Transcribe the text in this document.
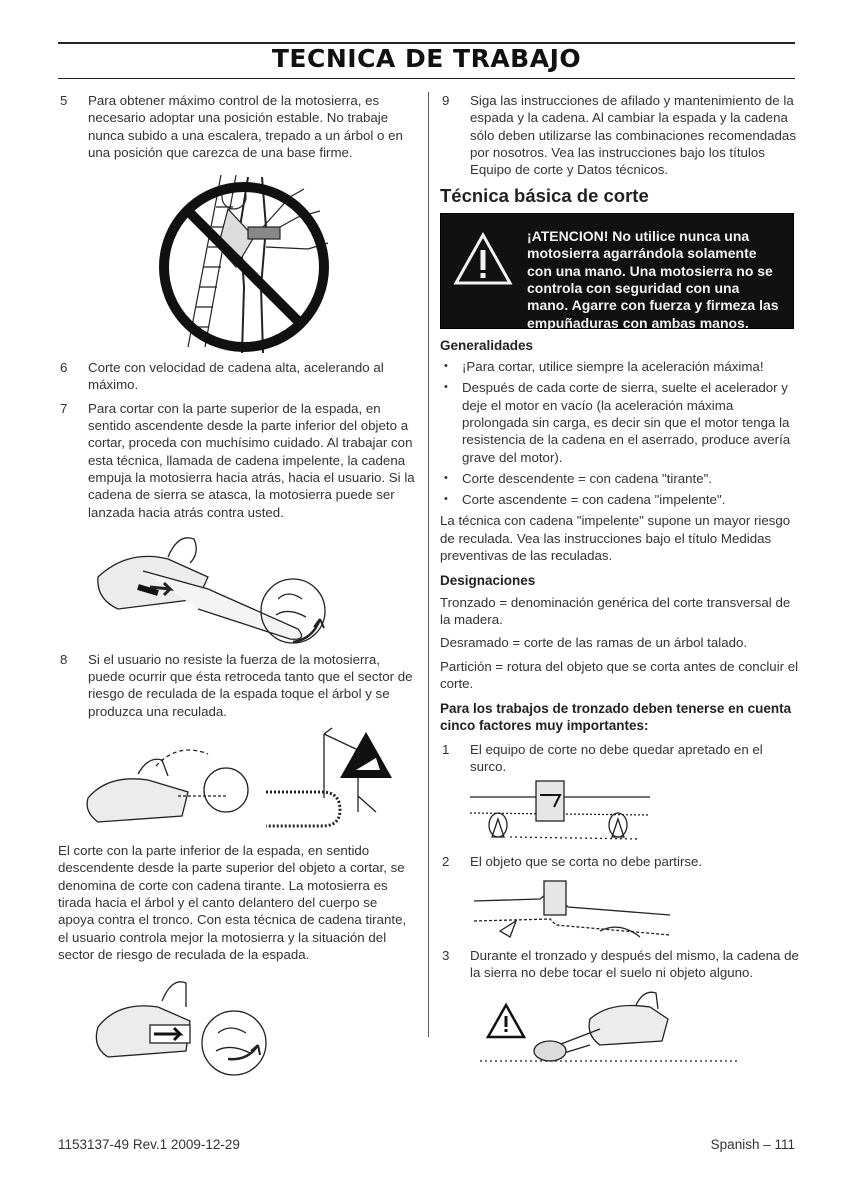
TECNICA DE TRABAJO
5 Para obtener máximo control de la motosierra, es necesario adoptar una posición estable. No trabaje nunca subido a una escalera, trepado a un árbol o en una posición que carezca de una base firme.

6 Corte con velocidad de cadena alta, acelerando al máximo.

7 Para cortar con la parte superior de la espada, en sentido ascendente desde la parte inferior del objeto a cortar, proceda con muchísimo cuidado. Al trabajar con esta técnica, llamada de cadena impelente, la cadena empuja la motosierra hacia atrás, hacia el usuario. Si la cadena de sierra se atasca, la motosierra puede ser lanzada hacia atrás contra usted.

8 Si el usuario no resiste la fuerza de la motosierra, puede ocurrir que ésta retroceda tanto que el sector de riesgo de reculada de la espada toque el árbol y se produzca una reculada.

El corte con la parte inferior de la espada, en sentido descendente desde la parte superior del objeto a cortar, se denomina de corte con cadena tirante. La motosierra es tirada hacia el árbol y el canto delantero del cuerpo se apoya contra el tronco. Con esta técnica de cadena tirante, el usuario controla mejor la motosierra y la situación del sector de riesgo de reculada de la espada.

9 Siga las instrucciones de afilado y mantenimiento de la espada y la cadena. Al cambiar la espada y la cadena sólo deben utilizarse las combinaciones recomendadas por nosotros. Vea las instrucciones bajo los títulos Equipo de corte y Datos técnicos.

Técnica básica de corte
¡ATENCION! No utilice nunca una motosierra agarrándola solamente con una mano. Una motosierra no se controla con seguridad con una mano. Agarre con fuerza y firmeza las empuñaduras con ambas manos.
Generalidades
• ¡Para cortar, utilice siempre la aceleración máxima!

• Después de cada corte de sierra, suelte el acelerador y deje el motor en vacío (la aceleración máxima prolongada sin carga, es decir sin que el motor tenga la resistencia de la cadena en el aserrado, produce avería grave del motor).

• Corte descendente = con cadena "tirante".

• Corte ascendente = con cadena "impelente".

La técnica con cadena "impelente" supone un mayor riesgo de reculada. Vea las instrucciones bajo el título Medidas preventivas de las reculadas.

Designaciones

Tronzado = denominación genérica del corte transversal de la madera.

Desramado = corte de las ramas de un árbol talado.

Partición = rotura del objeto que se corta antes de concluir el corte.

Para los trabajos de tronzado deben tenerse en cuenta cinco factores muy importantes:
1 El equipo de corte no debe quedar apretado en el surco.

2 El objeto que se corta no debe partirse.

3 Durante el tronzado y después del mismo, la cadena de la sierra no debe tocar el suelo ni objeto alguno.

1153137-49 Rev.1 2009-12-29	Spanish – 111
